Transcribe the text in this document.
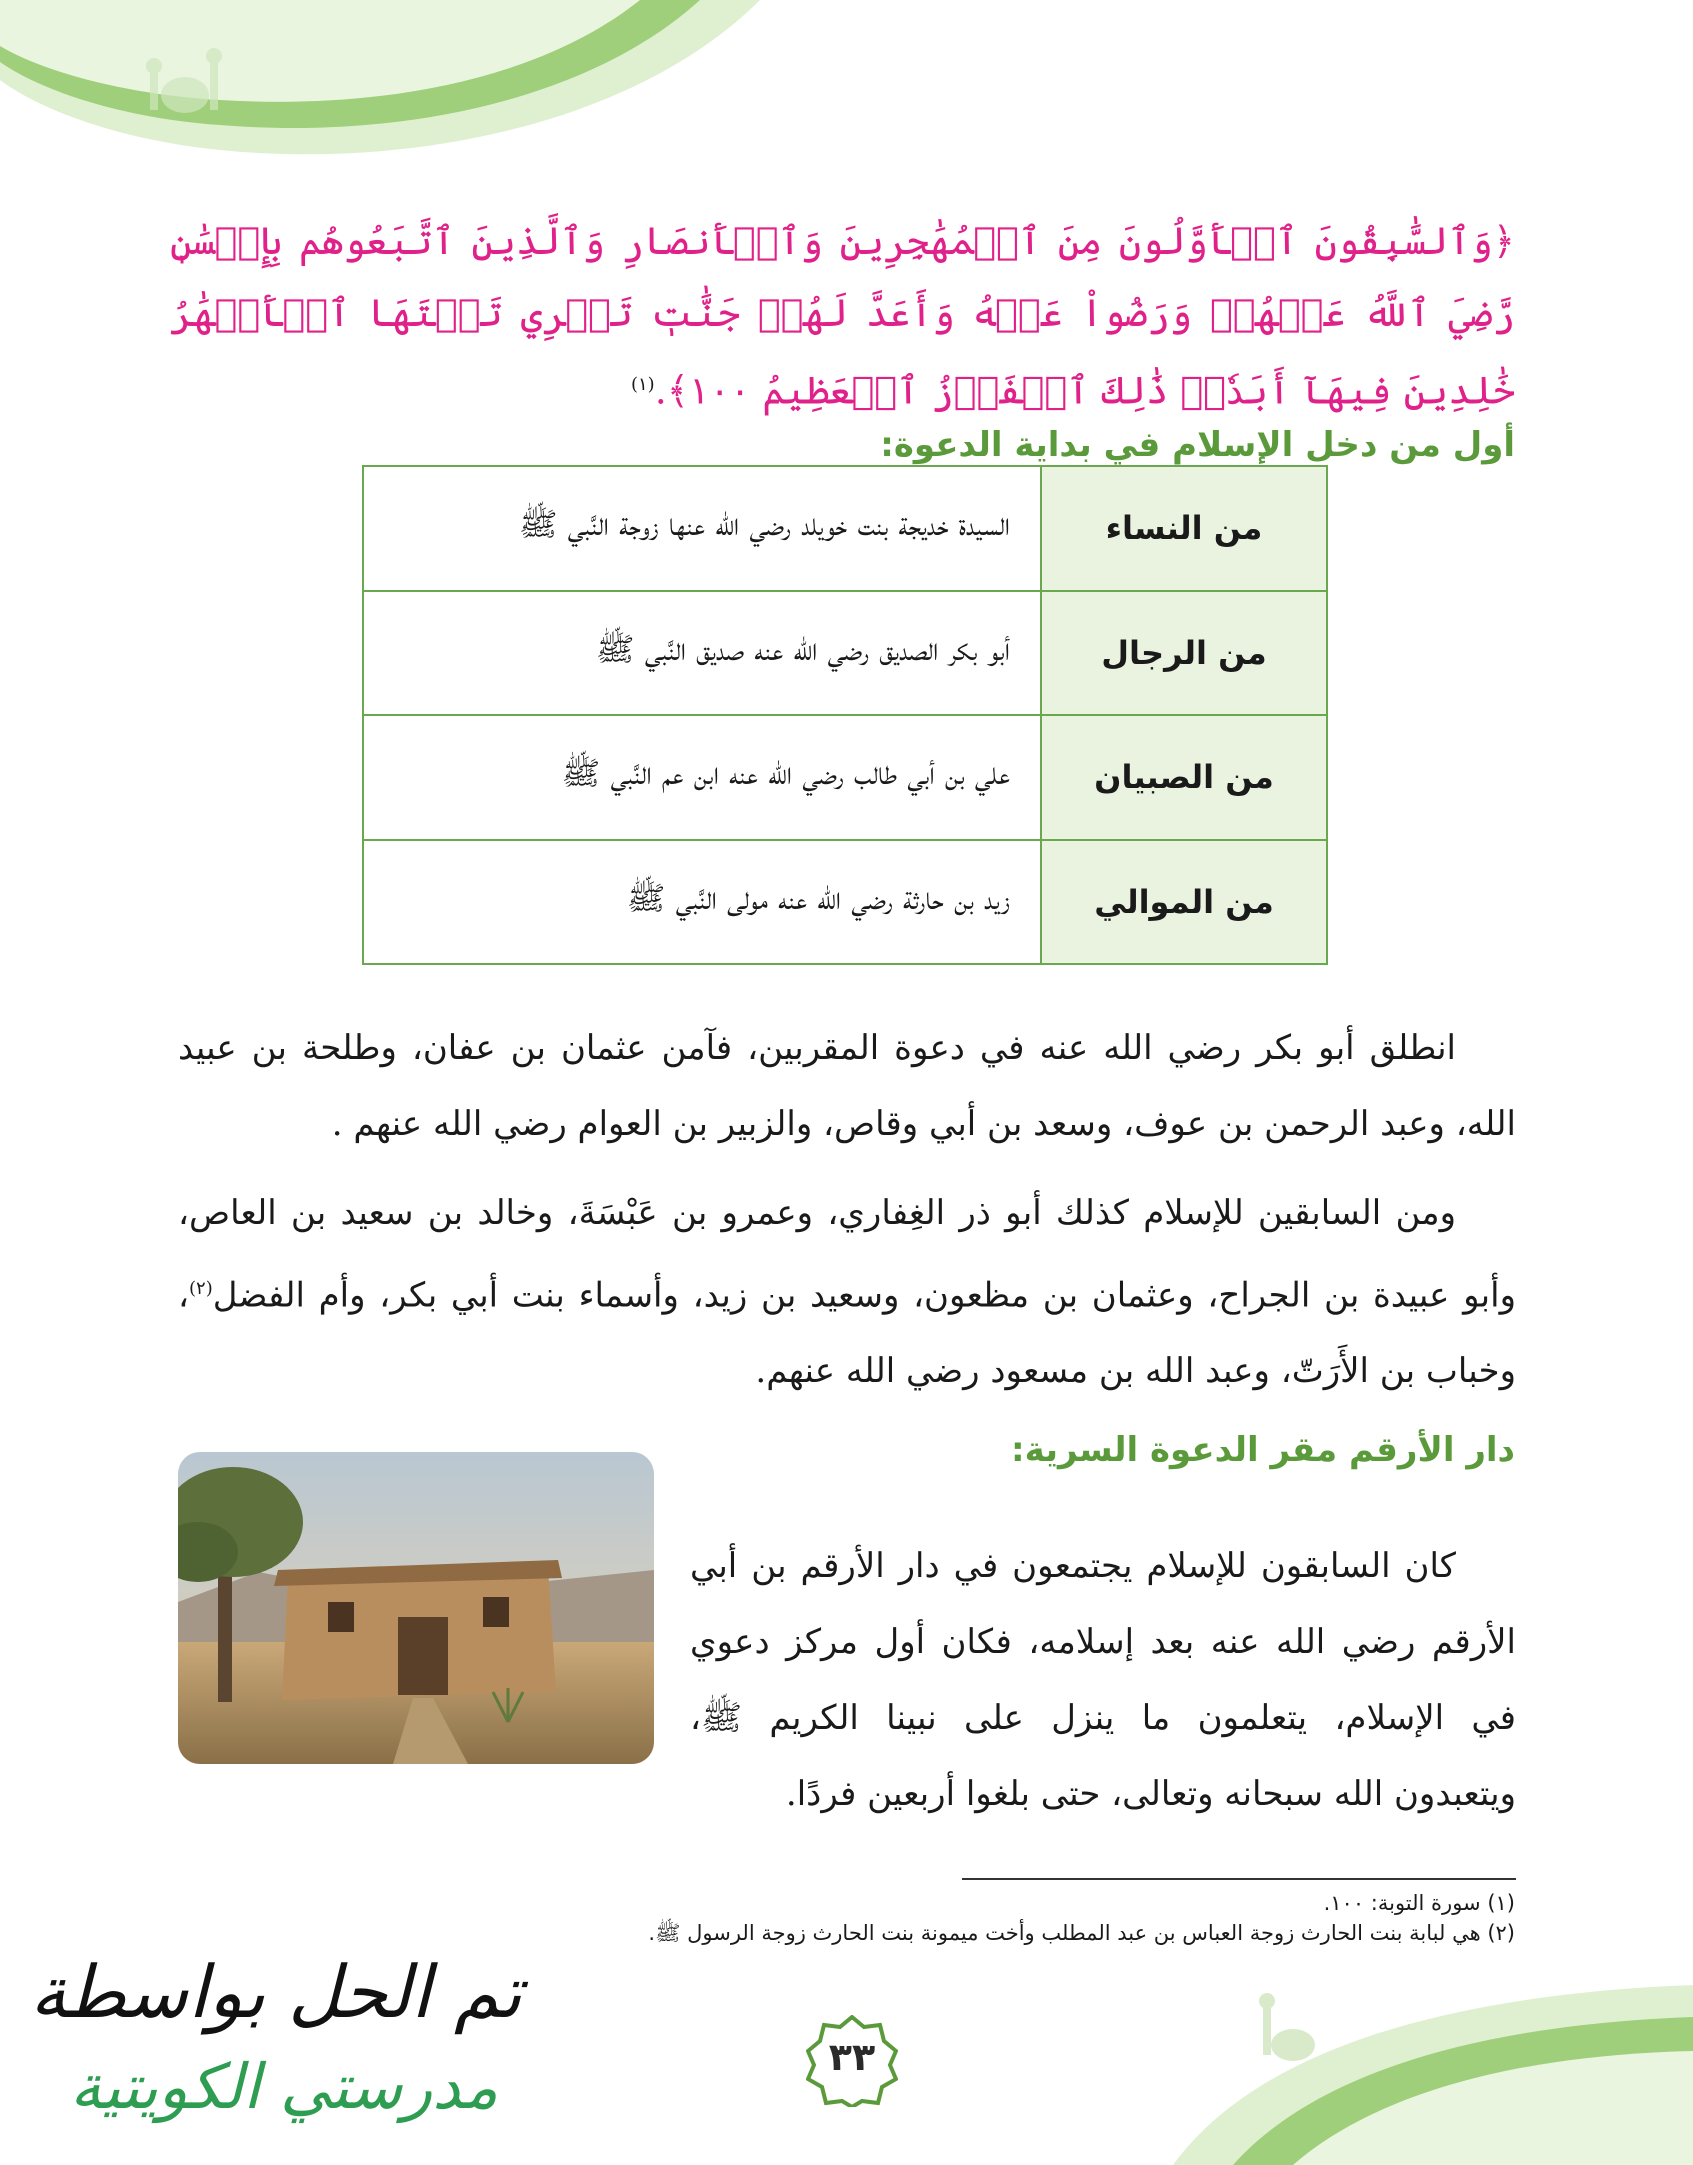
﴿وَٱلسَّٰبِقُونَ ٱلۡأَوَّلُونَ مِنَ ٱلۡمُهَٰجِرِينَ وَٱلۡأَنصَارِ وَٱلَّذِينَ ٱتَّبَعُوهُم بِإِحۡسَٰنٖ رَّضِيَ ٱللَّهُ عَنۡهُمۡ وَرَضُواْ عَنۡهُ وَأَعَدَّ لَهُمۡ جَنَّٰتٖ تَجۡرِي تَحۡتَهَا ٱلۡأَنۡهَٰرُ خَٰلِدِينَ فِيهَآ أَبَدٗاۚ ذَٰلِكَ ٱلۡفَوۡزُ ٱلۡعَظِيمُ ١٠٠﴾.$^{(١)}$
أول من دخل الإسلام في بداية الدعوة:
من النساء	السيدة خديجة بنت خويلد رضي الله عنها زوجة النَّبي ﷺ
من الرجال	أبو بكر الصديق رضي الله عنه صديق النَّبي ﷺ
من الصبيان	علي بن أبي طالب رضي الله عنه ابن عم النَّبي ﷺ
من الموالي	زيد بن حارثة رضي الله عنه مولى النَّبي ﷺ
انطلق أبو بكر رضي الله عنه في دعوة المقربين، فآمن عثمان بن عفان، وطلحة بن عبيد الله، وعبد الرحمن بن عوف، وسعد بن أبي وقاص، والزبير بن العوام رضي الله عنهم .
ومن السابقين للإسلام كذلك أبو ذر الغِفاري، وعمرو بن عَبْسَةَ، وخالد بن سعيد بن العاص، وأبو عبيدة بن الجراح، وعثمان بن مظعون، وسعيد بن زيد، وأسماء بنت أبي بكر، وأم الفضل$^{(٢)}$، وخباب بن الأَرَتّ، وعبد الله بن مسعود رضي الله عنهم.
دار الأرقم مقر الدعوة السرية:
كان السابقون للإسلام يجتمعون في دار الأرقم بن أبي الأرقم رضي الله عنه بعد إسلامه، فكان أول مركز دعوي في الإسلام، يتعلمون ما ينزل على نبينا الكريم ﷺ، ويتعبدون الله سبحانه وتعالى، حتى بلغوا أربعين فردًا.
(١) سورة التوبة: ١٠٠.
(٢) هي لبابة بنت الحارث زوجة العباس بن عبد المطلب وأخت ميمونة بنت الحارث زوجة الرسول ﷺ.
٣٣
تم الحل بواسطة
مدرستي الكويتية
